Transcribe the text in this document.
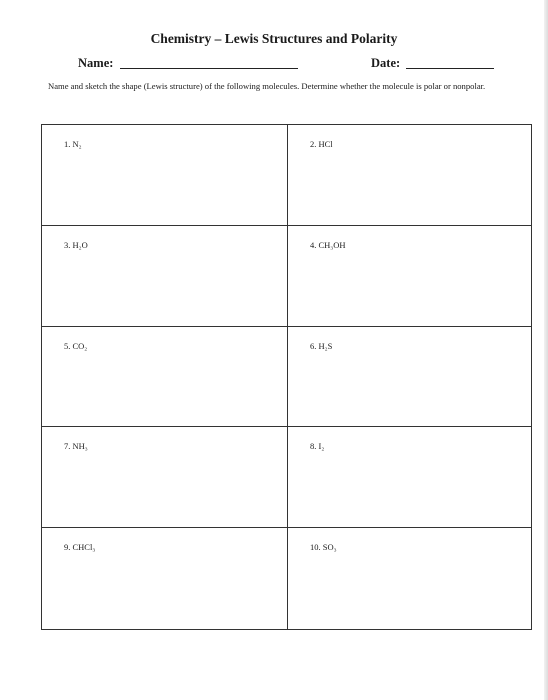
Chemistry – Lewis Structures and Polarity
Name:	Date:
Name and sketch the shape (Lewis structure) of the following molecules. Determine whether the molecule is polar or nonpolar.
1. N₂	2. HCl
3. H₂O	4. CH₃OH
5. CO₂	6. H₂S
7. NH₃	8. I₂
9. CHCl₃	10. SO₃
